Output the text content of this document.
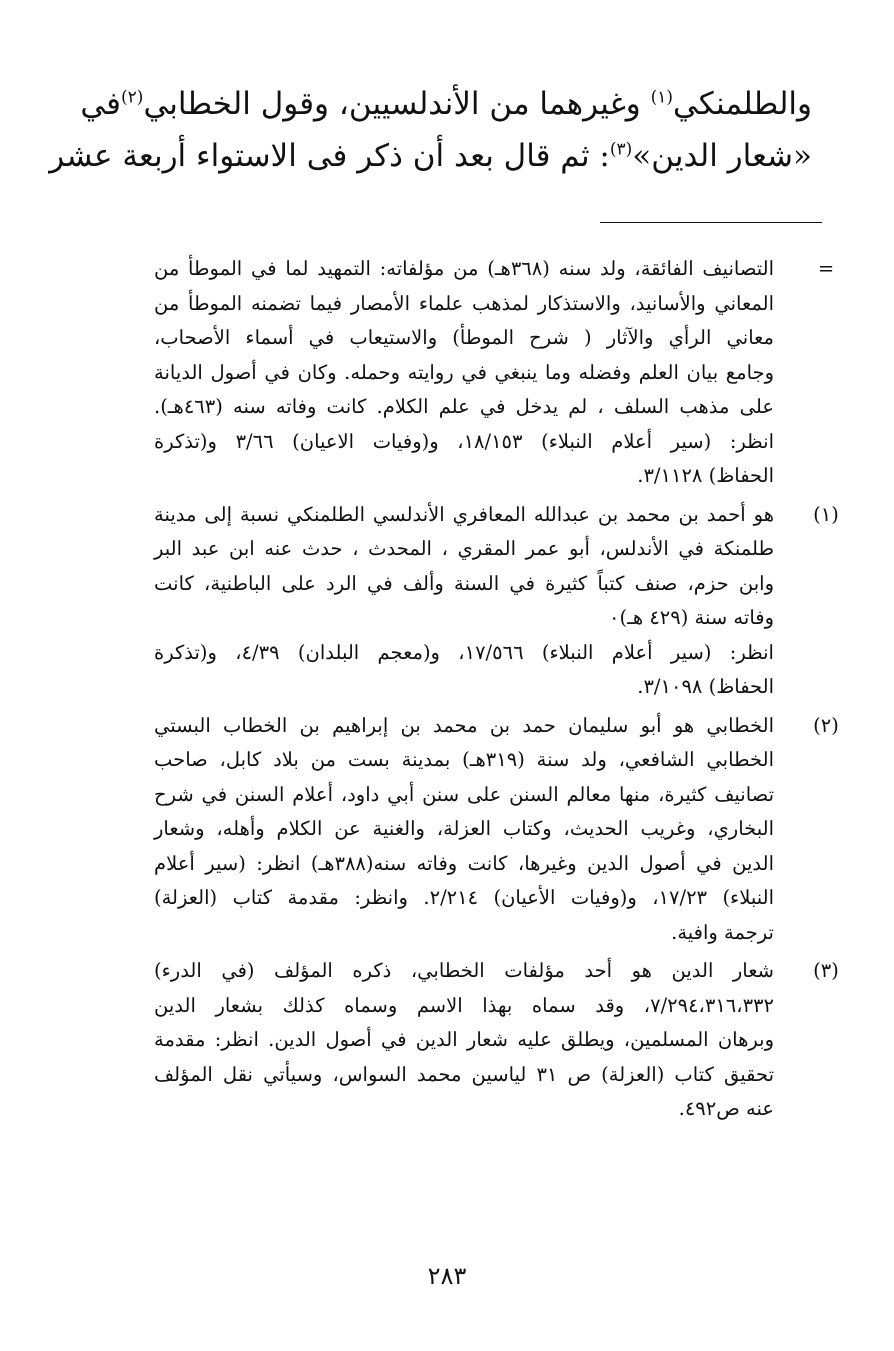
والطلمنكي$^{(١)}$ وغيرهما من الأندلسيين، وقول الخطابي$^{(٢)}$في
«شعار الدين»$^{(٣)}$: ثم قال بعد أن ذكر فى الاستواء أربعة عشر
=
التصانيف الفائقة، ولد سنه (٣٦٨هـ) من مؤلفاته: التمهيد لما في الموطأ من
المعاني والأسانيد، والاستذكار لمذهب علماء الأمصار فيما تضمنه الموطأ من
معاني الرأي والآثار ( شرح الموطأ) والاستيعاب في أسماء الأصحاب،
وجامع بيان العلم وفضله وما ينبغي في روايته وحمله. وكان في أصول الديانة
على مذهب السلف ، لم يدخل في علم الكلام. كانت وفاته سنه (٤٦٣هـ).
انظر: (سير أعلام النبلاء) ١٨/١٥٣، و(وفيات الاعيان) ٣/٦٦ و(تذكرة
الحفاظ) ٣/١١٢٨.
(١)
هو أحمد بن محمد بن عبدالله المعافري الأندلسي الطلمنكي نسبة إلى مدينة
طلمنكة في الأندلس، أبو عمر المقري ، المحدث ، حدث عنه ابن عبد البر
وابن حزم، صنف كتباً كثيرة في السنة وألف في الرد على الباطنية، كانت
وفاته سنة (٤٢٩ هـ)٠
انظر: (سير أعلام النبلاء) ١٧/٥٦٦، و(معجم البلدان) ٤/٣٩، و(تذكرة
الحفاظ) ٣/١٠٩٨.
(٢)
الخطابي هو أبو سليمان حمد بن محمد بن إبراهيم بن الخطاب البستي
الخطابي الشافعي، ولد سنة (٣١٩هـ) بمدينة بست من بلاد كابل، صاحب
تصانيف كثيرة، منها معالم السنن على سنن أبي داود، أعلام السنن في شرح
البخاري، وغريب الحديث، وكتاب العزلة، والغنية عن الكلام وأهله، وشعار
الدين في أصول الدين وغيرها، كانت وفاته سنه(٣٨٨هـ) انظر: (سير أعلام
النبلاء) ١٧/٢٣، و(وفيات الأعيان) ٢/٢١٤. وانظر: مقدمة كتاب (العزلة)
ترجمة وافية.
(٣)
شعار الدين هو أحد مؤلفات الخطابي، ذكره المؤلف (في الدرء)
٧/٢٩٤،٣١٦،٣٣٢، وقد سماه بهذا الاسم وسماه كذلك بشعار الدين
وبرهان المسلمين، ويطلق عليه شعار الدين في أصول الدين. انظر: مقدمة
تحقيق كتاب (العزلة) ص ٣١ لياسين محمد السواس، وسيأتي نقل المؤلف
عنه ص٤٩٢.
٢٨٣
